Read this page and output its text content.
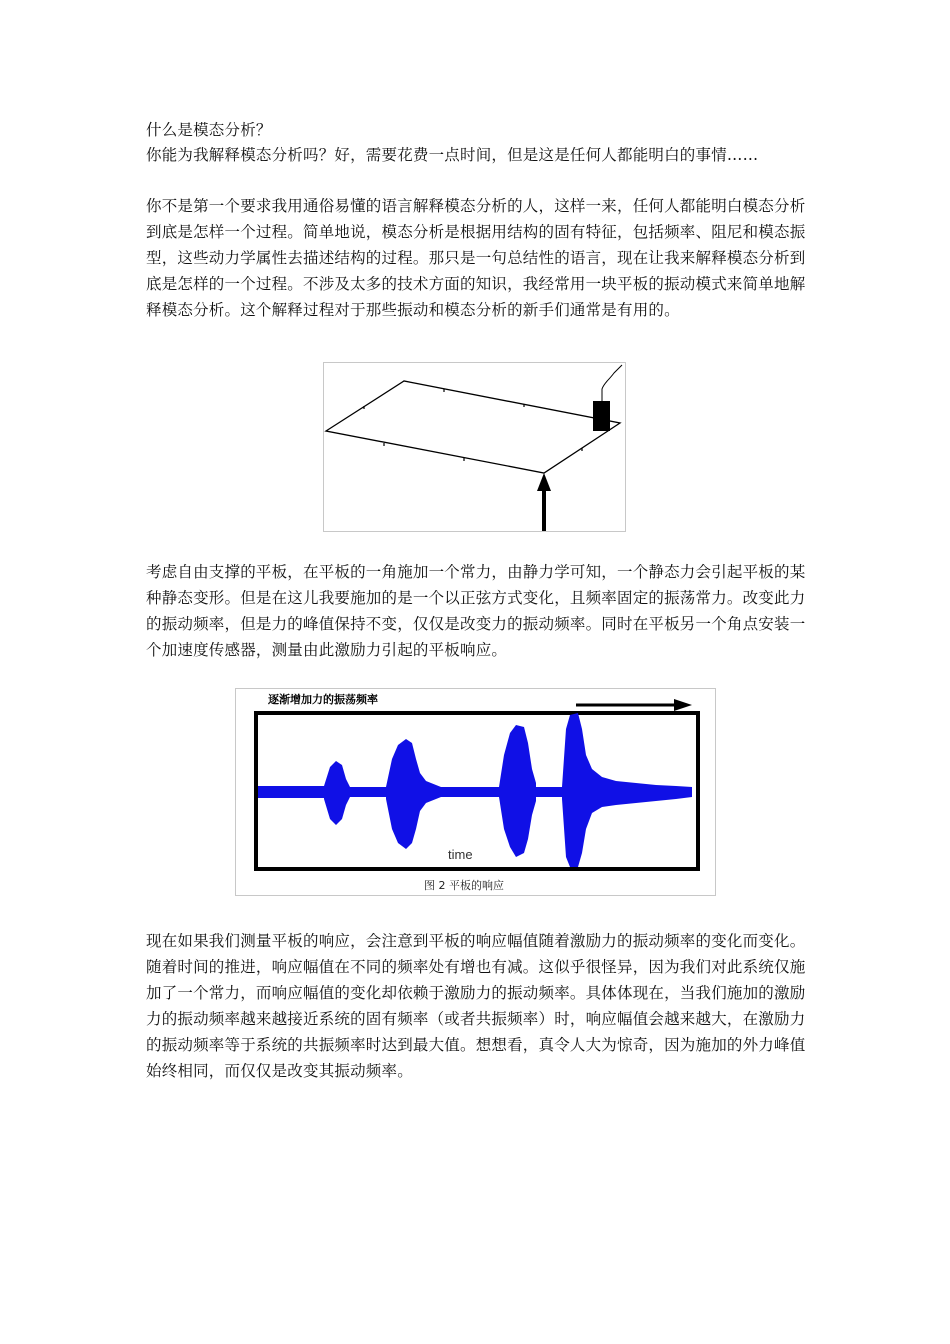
什么是模态分析？

你能为我解释模态分析吗？好，需要花费一点时间，但是这是任何人都能明白的事情……

你不是第一个要求我用通俗易懂的语言解释模态分析的人，这样一来，任何人都能明白模态分析到底是怎样一个过程。简单地说，模态分析是根据用结构的固有特征，包括频率、阻尼和模态振型，这些动力学属性去描述结构的过程。那只是一句总结性的语言，现在让我来解释模态分析到底是怎样的一个过程。不涉及太多的技术方面的知识，我经常用一块平板的振动模式来简单地解释模态分析。这个解释过程对于那些振动和模态分析的新手们通常是有用的。

考虑自由支撑的平板，在平板的一角施加一个常力，由静力学可知，一个静态力会引起平板的某种静态变形。但是在这儿我要施加的是一个以正弦方式变化，且频率固定的振荡常力。改变此力的振动频率，但是力的峰值保持不变，仅仅是改变力的振动频率。同时在平板另一个角点安装一个加速度传感器，测量由此激励力引起的平板响应。

逐渐增加力的振荡频率
time
图 2 平板的响应

现在如果我们测量平板的响应，会注意到平板的响应幅值随着激励力的振动频率的变化而变化。随着时间的推进，响应幅值在不同的频率处有增也有减。这似乎很怪异，因为我们对此系统仅施加了一个常力，而响应幅值的变化却依赖于激励力的振动频率。具体体现在，当我们施加的激励力的振动频率越来越接近系统的固有频率（或者共振频率）时，响应幅值会越来越大，在激励力的振动频率等于系统的共振频率时达到最大值。想想看，真令人大为惊奇，因为施加的外力峰值始终相同，而仅仅是改变其振动频率。
